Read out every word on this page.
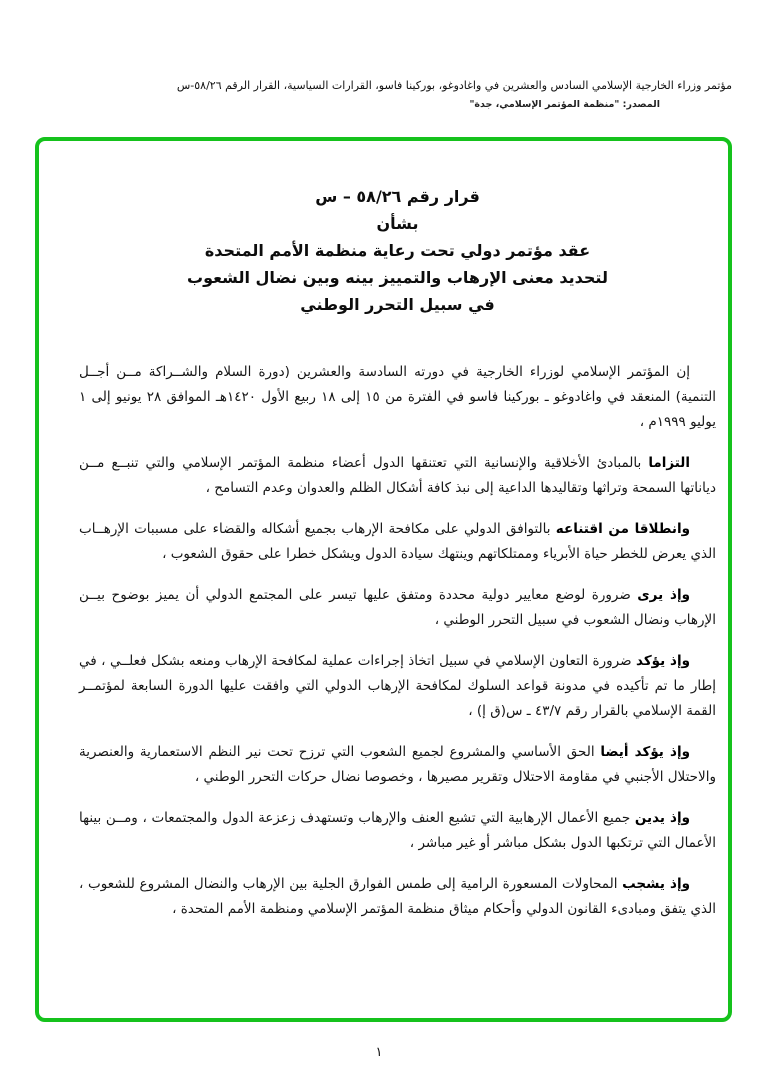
مؤتمر وزراء الخارجية الإسلامي السادس والعشرين في واغادوغو، بوركينا فاسو، القرارات السياسية، القرار الرقم ٥٨/٢٦-س
المصدر: "منظمة المؤتمر الإسلامي، جدة"
قرار رقم ٥٨/٢٦ – س
بشأن
عقد مؤتمر دولي تحت رعاية منظمة الأمم المتحدة
لتحديد معنى الإرهاب والتمييز بينه وبين نضال الشعوب
في سبيل التحرر الوطني

إن المؤتمر الإسلامي لوزراء الخارجية في دورته السادسة والعشرين (دورة السلام والشــراكة مــن أجــل التنمية) المنعقد في واغادوغو ـ بوركينا فاسو في الفترة من ١٥ إلى ١٨ ربيع الأول ١٤٢٠هـ الموافق ٢٨ يونيو إلى ١ يوليو ١٩٩٩م ،

التزاما بالمبادئ الأخلاقية والإنسانية التي تعتنقها الدول أعضاء منظمة المؤتمر الإسلامي والتي تنبــع مــن دياناتها السمحة وتراثها وتقاليدها الداعية إلى نبذ كافة أشكال الظلم والعدوان وعدم التسامح ،

وانطلاقا من اقتناعه بالتوافق الدولي على مكافحة الإرهاب بجميع أشكاله والقضاء على مسببات الإرهــاب الذي يعرض للخطر حياة الأبرياء وممتلكاتهم وينتهك سيادة الدول ويشكل خطرا على حقوق الشعوب ،

وإذ يرى ضرورة لوضع معايير دولية محددة ومتفق عليها تيسر على المجتمع الدولي أن يميز بوضوح بيــن الإرهاب ونضال الشعوب في سبيل التحرر الوطني ،

وإذ يؤكد ضرورة التعاون الإسلامي في سبيل اتخاذ إجراءات عملية لمكافحة الإرهاب ومنعه بشكل فعلــي ، في إطار ما تم تأكيده في مدونة قواعد السلوك لمكافحة الإرهاب الدولي التي وافقت عليها الدورة السابعة لمؤتمــر القمة الإسلامي بالقرار رقم ٤٣/٧ ـ س(ق إ) ،

وإذ يؤكد أيضا الحق الأساسي والمشروع لجميع الشعوب التي ترزح تحت نير النظم الاستعمارية والعنصرية والاحتلال الأجنبي في مقاومة الاحتلال وتقرير مصيرها ، وخصوصا نضال حركات التحرر الوطني ،

وإذ يدين جميع الأعمال الإرهابية التي تشيع العنف والإرهاب وتستهدف زعزعة الدول والمجتمعات ، ومــن بينها الأعمال التي ترتكبها الدول بشكل مباشر أو غير مباشر ،

وإذ يشجب المحاولات المسعورة الرامية إلى طمس الفوارق الجلية بين الإرهاب والنضال المشروع للشعوب ، الذي يتفق ومبادىء القانون الدولي وأحكام ميثاق منظمة المؤتمر الإسلامي ومنظمة الأمم المتحدة ،

١
